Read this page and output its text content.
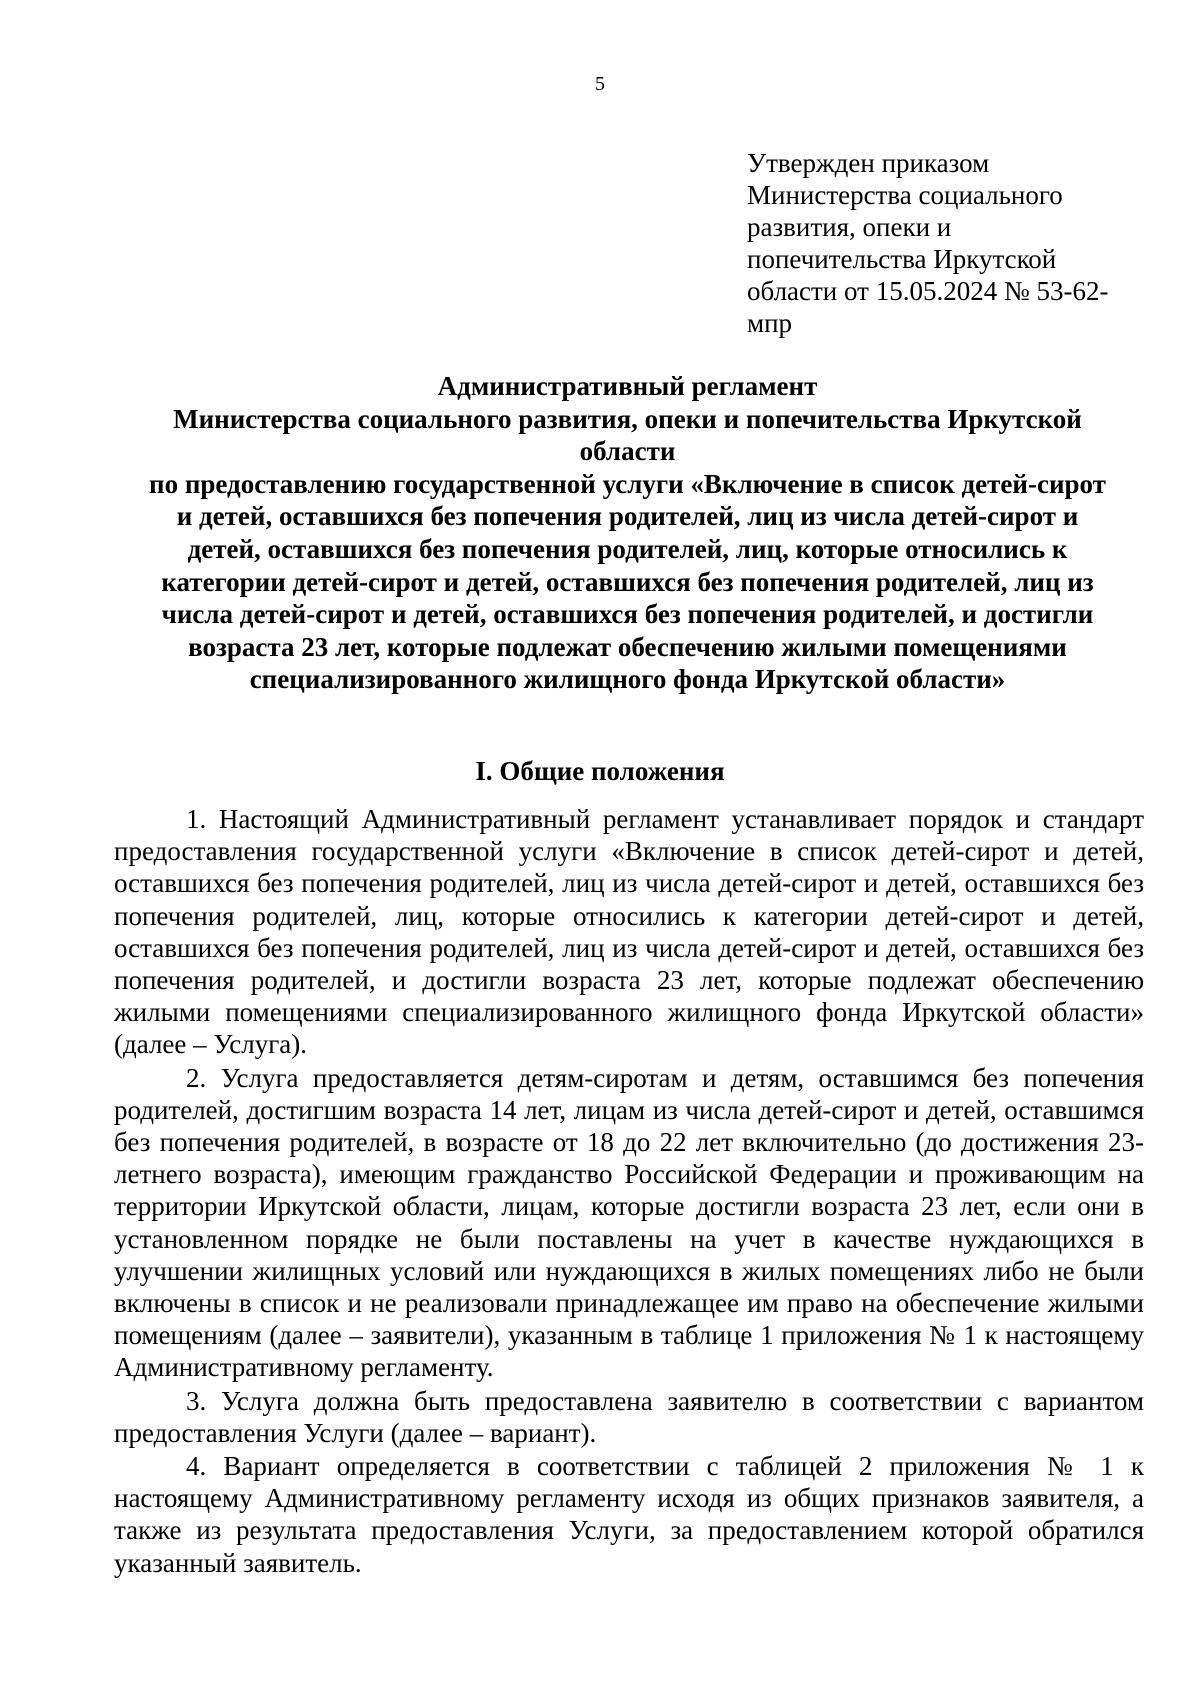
5
Утвержден приказом
Министерства социального
развития, опеки и
попечительства Иркутской
области от 15.05.2024 № 53-62-
мпр
Административный регламент
Министерства социального развития, опеки и попечительства Иркутской
области
по предоставлению государственной услуги «Включение в список детей-сирот
и детей, оставшихся без попечения родителей, лиц из числа детей-сирот и
детей, оставшихся без попечения родителей, лиц, которые относились к
категории детей-сирот и детей, оставшихся без попечения родителей, лиц из
числа детей-сирот и детей, оставшихся без попечения родителей, и достигли
возраста 23 лет, которые подлежат обеспечению жилыми помещениями
специализированного жилищного фонда Иркутской области»
I. Общие положения

1. Настоящий Административный регламент устанавливает порядок и стандарт предоставления государственной услуги «Включение в список детей-сирот и детей, оставшихся без попечения родителей, лиц из числа детей-сирот и детей, оставшихся без попечения родителей, лиц, которые относились к категории детей-сирот и детей, оставшихся без попечения родителей, лиц из числа детей-сирот и детей, оставшихся без попечения родителей, и достигли возраста 23 лет, которые подлежат обеспечению жилыми помещениями специализированного жилищного фонда Иркутской области» (далее – Услуга).

2. Услуга предоставляется детям-сиротам и детям, оставшимся без попечения родителей, достигшим возраста 14 лет, лицам из числа детей-сирот и детей, оставшимся без попечения родителей, в возрасте от 18 до 22 лет включительно (до достижения 23-летнего возраста), имеющим гражданство Российской Федерации и проживающим на территории Иркутской области, лицам, которые достигли возраста 23 лет, если они в установленном порядке не были поставлены на учет в качестве нуждающихся в улучшении жилищных условий или нуждающихся в жилых помещениях либо не были включены в список и не реализовали принадлежащее им право на обеспечение жилыми помещениям (далее – заявители), указанным в таблице 1 приложения № 1 к настоящему Административному регламенту.

3. Услуга должна быть предоставлена заявителю в соответствии с вариантом предоставления Услуги (далее – вариант).

4. Вариант определяется в соответствии с таблицей 2 приложения № 1 к настоящему Административному регламенту исходя из общих признаков заявителя, а также из результата предоставления Услуги, за предоставлением которой обратился указанный заявитель.
